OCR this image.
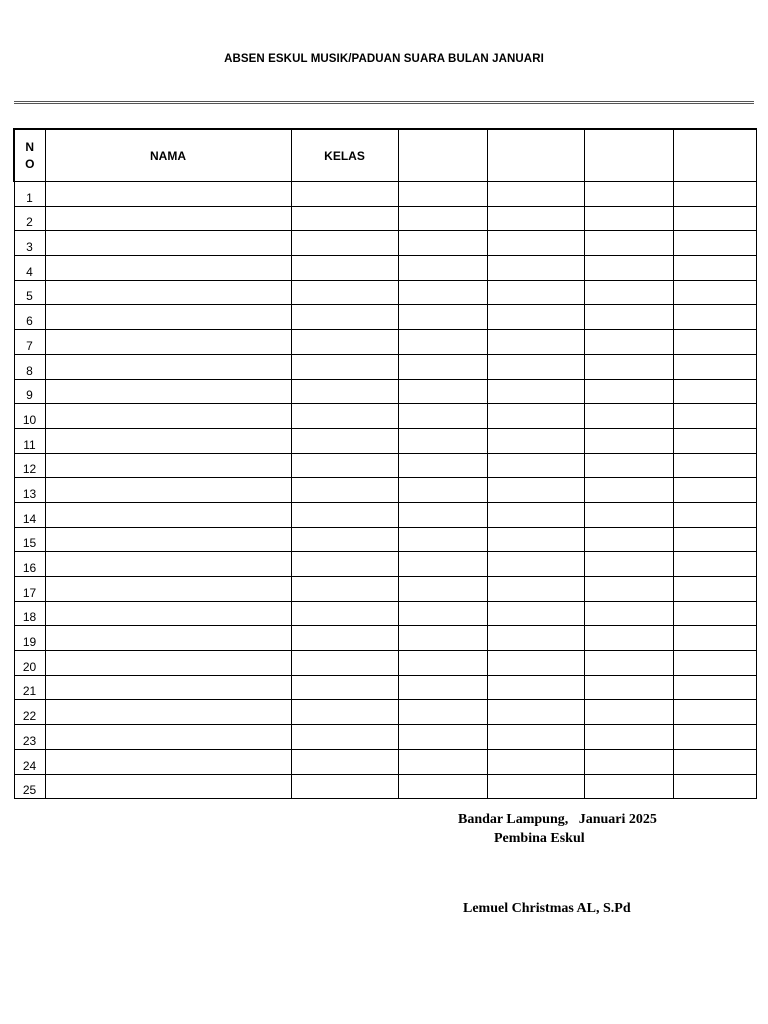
ABSEN ESKUL MUSIK/PADUAN SUARA BULAN JANUARI
N
O	NAMA	KELAS				
1						
2						
3						
4						
5						
6						
7						
8						
9						
10						
11						
12						
13						
14						
15						
16						
17						
18						
19						
20						
21						
22						
23						
24						
25						
Bandar Lampung,   Januari 2025
Pembina Eskul
Lemuel Christmas AL, S.Pd
